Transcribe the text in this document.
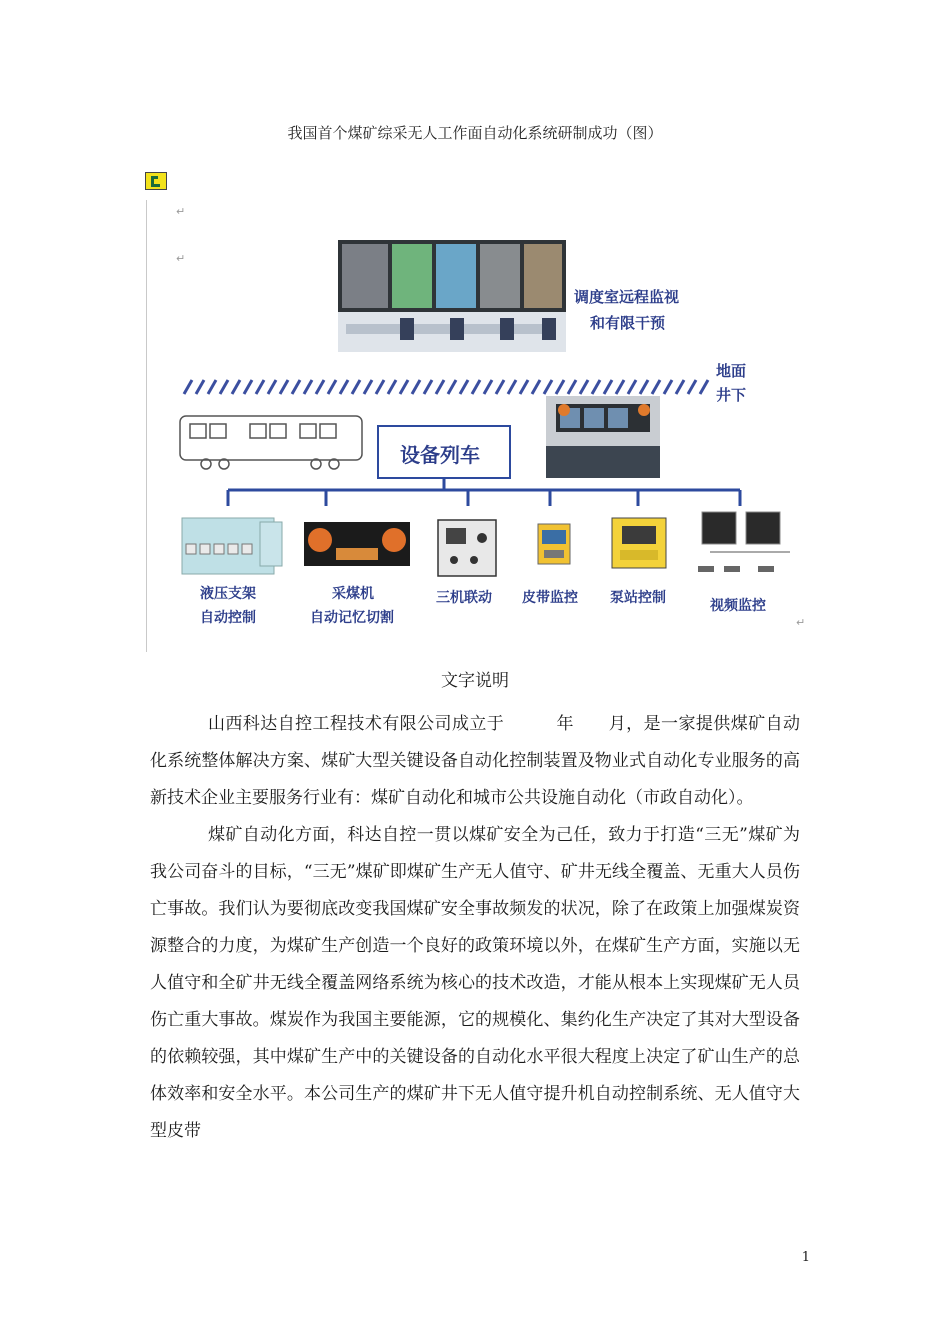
我国首个煤矿综采无人工作面自动化系统研制成功（图）
↵
↵
调度室远程监视
和有限干预
地面
井下
设备列车
液压支架
自动控制
采煤机
自动记忆切割
三机联动 皮带监控 泵站控制	视频监控
↵
文字说明

山西科达自控工程技术有限公司成立于　　　年　　月，是一家提供煤矿自动化系统整体解决方案、煤矿大型关键设备自动化控制装置及物业式自动化专业服务的高新技术企业主要服务行业有：煤矿自动化和城市公共设施自动化（市政自动化）。

煤矿自动化方面，科达自控一贯以煤矿安全为己任，致力于打造“三无”煤矿为我公司奋斗的目标，“三无”煤矿即煤矿生产无人值守、矿井无线全覆盖、无重大人员伤亡事故。我们认为要彻底改变我国煤矿安全事故频发的状况，除了在政策上加强煤炭资源整合的力度，为煤矿生产创造一个良好的政策环境以外，在煤矿生产方面，实施以无人值守和全矿井无线全覆盖网络系统为核心的技术改造，才能从根本上实现煤矿无人员伤亡重大事故。煤炭作为我国主要能源，它的规模化、集约化生产决定了其对大型设备的依赖较强，其中煤矿生产中的关键设备的自动化水平很大程度上决定了矿山生产的总体效率和安全水平。本公司生产的煤矿井下无人值守提升机自动控制系统、无人值守大型皮带

1
